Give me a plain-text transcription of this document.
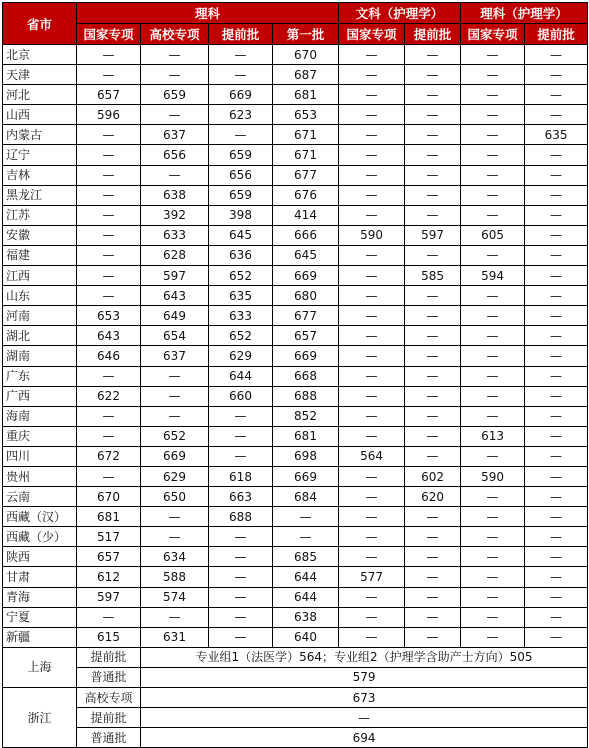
省市	理科				文科（护理学）		理科（护理学）	
	国家专项	高校专项	提前批	第一批	国家专项	提前批	国家专项	提前批
北京	—	—	—	670	—	—	—	—
天津	—	—	—	687	—	—	—	—
河北	657	659	669	681	—	—	—	—
山西	596	—	623	653	—	—	—	—
内蒙古	—	637	—	671	—	—	—	635
辽宁	—	656	659	671	—	—	—	—
吉林	—	—	656	677	—	—	—	—
黑龙江	—	638	659	676	—	—	—	—
江苏	—	392	398	414	—	—	—	—
安徽	—	633	645	666	590	597	605	—
福建	—	628	636	645	—	—	—	—
江西	—	597	652	669	—	585	594	—
山东	—	643	635	680	—	—	—	—
河南	653	649	633	677	—	—	—	—
湖北	643	654	652	657	—	—	—	—
湖南	646	637	629	669	—	—	—	—
广东	—	—	644	668	—	—	—	—
广西	622	—	660	688	—	—	—	—
海南	—	—	—	852	—	—	—	—
重庆	—	652	—	681	—	—	613	—
四川	672	669	—	698	564	—	—	—
贵州	—	629	618	669	—	602	590	—
云南	670	650	663	684	—	620	—	—
西藏（汉）	681	—	688	—	—	—	—	—
西藏（少）	517	—	—	—	—	—	—	—
陕西	657	634	—	685	—	—	—	—
甘肃	612	588	—	644	577	—	—	—
青海	597	574	—	644	—	—	—	—
宁夏	—	—	—	638	—	—	—	—
新疆	615	631	—	640	—	—	—	—
上海	提前批	专业组1（法医学）564；专业组2（护理学含助产士方向）505						
	普通批	579						
浙江	高校专项	673						
	提前批	—						
	普通批	694						
